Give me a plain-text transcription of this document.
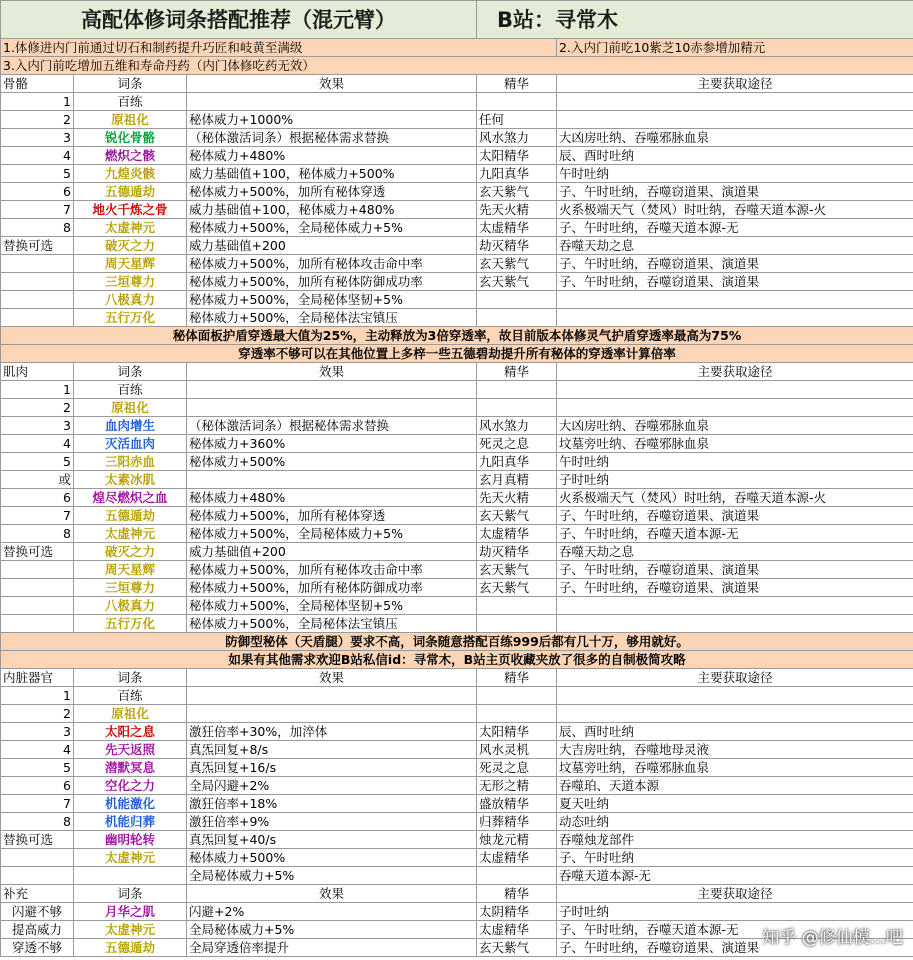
高配体修词条搭配推荐（混元臂）			B站：寻常木	
1.体修进内门前通过切石和制药提升巧匠和岐黄至满级				2.入内门前吃10紫芝10赤参增加精元
3.入内门前吃增加五维和寿命丹药（内门体修吃药无效）				
骨骼	词条	效果	精华	主要获取途径
1	百练			
2	原祖化	秘体威力+1000%	任何	
3	锐化骨骼	（秘体激活词条）根据秘体需求替换	风水煞力	大凶房吐纳、吞噬邪脉血泉
4	燃炽之骸	秘体威力+480%	太阳精华	辰、酉时吐纳
5	九煌炎骸	威力基础值+100，秘体威力+500%	九阳真华	午时吐纳
6	五德遁劫	秘体威力+500%，加所有秘体穿透	玄天紫气	子、午时吐纳，吞噬窃道果、演道果
7	地火千炼之骨	威力基础值+100，秘体威力+480%	先天火精	火系极端天气（焚风）时吐纳，吞噬天道本源-火
8	太虚神元	秘体威力+500%，全局秘体威力+5%	太虚精华	子、午时吐纳，吞噬天道本源-无
替换可选	破灭之力	威力基础值+200	劫灭精华	吞噬天劫之息
	周天星辉	秘体威力+500%，加所有秘体攻击命中率	玄天紫气	子、午时吐纳，吞噬窃道果、演道果
	三垣尊力	秘体威力+500%，加所有秘体防御成功率	玄天紫气	子、午时吐纳，吞噬窃道果、演道果
	八极真力	秘体威力+500%，全局秘体坚韧+5%		
	五行万化	秘体威力+500%，全局秘体法宝镇压		
秘体面板护盾穿透最大值为25%，主动释放为3倍穿透率，故目前版本体修灵气护盾穿透率最高为75%				
穿透率不够可以在其他位置上多梓一些五德碧劫提升所有秘体的穿透率计算倍率				
肌肉	词条	效果	精华	主要获取途径
1	百练			
2	原祖化			
3	血肉增生	（秘体激活词条）根据秘体需求替换	风水煞力	大凶房吐纳、吞噬邪脉血泉
4	灭活血肉	秘体威力+360%	死灵之息	坟墓旁吐纳、吞噬邪脉血泉
5	三阳赤血	秘体威力+500%	九阳真华	午时吐纳
或	太素冰肌		玄月真精	子时吐纳
6	煌尽燃炽之血	秘体威力+480%	先天火精	火系极端天气（焚风）时吐纳，吞噬天道本源-火
7	五德遁劫	秘体威力+500%，加所有秘体穿透	玄天紫气	子、午时吐纳，吞噬窃道果、演道果
8	太虚神元	秘体威力+500%，全局秘体威力+5%	太虚精华	子、午时吐纳，吞噬天道本源-无
替换可选	破灭之力	威力基础值+200	劫灭精华	吞噬天劫之息
	周天星辉	秘体威力+500%，加所有秘体攻击命中率	玄天紫气	子、午时吐纳，吞噬窃道果、演道果
	三垣尊力	秘体威力+500%，加所有秘体防御成功率	玄天紫气	子、午时吐纳，吞噬窃道果、演道果
	八极真力	秘体威力+500%，全局秘体坚韧+5%		
	五行万化	秘体威力+500%，全局秘体法宝镇压		
防御型秘体（天盾腿）要求不高，词条随意搭配百练999后都有几十万，够用就好。				
如果有其他需求欢迎B站私信id：寻常木，B站主页收藏夹放了很多的自制极简攻略				
内脏器官	词条	效果	精华	主要获取途径
1	百练			
2	原祖化			
3	太阳之息	激狂倍率+30%，加淬体	太阳精华	辰、酉时吐纳
4	先天返照	真炁回复+8/s	风水灵机	大吉房吐纳，吞噬地母灵液
5	潜默冥息	真炁回复+16/s	死灵之息	坟墓旁吐纳，吞噬邪脉血泉
6	空化之力	全局闪避+2%	无形之精	吞噬珀、天道本源
7	机能激化	激狂倍率+18%	盛放精华	夏天吐纳
8	机能归葬	激狂倍率+9%	归葬精华	动态吐纳
替换可选	幽明轮转	真炁回复+40/s	烛龙元精	吞噬烛龙部件
	太虚神元	秘体威力+500%	太虚精华	子、午时吐纳
		全局秘体威力+5%		吞噬天道本源-无
补充	词条	效果	精华	主要获取途径
闪避不够	月华之肌	闪避+2%	太阴精华	子时吐纳
提高威力	太虚神元	全局秘体威力+5%	太虚精华	子、午时吐纳，吞噬天道本源-无
穿透不够	五德遁劫	全局穿透倍率提升	玄天紫气	子、午时吐纳，吞噬窃道果、演道果 知乎 @修仙模...吧
